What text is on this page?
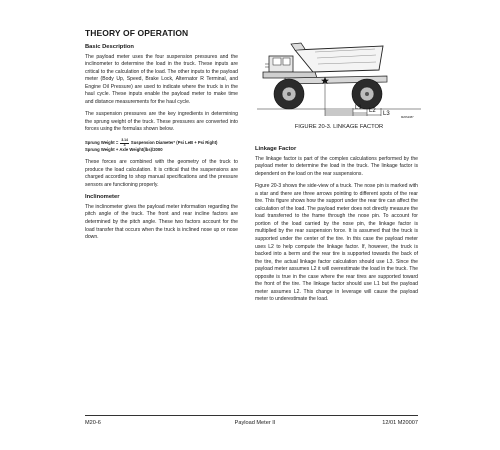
THEORY OF OPERATION
Basic Description

The payload meter uses the four suspension pressures and the inclinometer to determine the load in the truck. These inputs are critical to the calculation of the load. The other inputs to the payload meter (Body Up, Speed, Brake Lock, Alternator R Terminal, and Engine Oil Pressure) are used to indicate where the truck is in the haul cycle. These inputs enable the payload meter to make time and distance measurements for the haul cycle.

The suspension pressures are the key ingredients in determining the sprung weight of the truck. These pressures are converted into forces using the formulas shown below.

Sprung Weight = $\frac{3.14}{4}$ Suspension Diameter² (Psi LeB + Psi Right)
Sprung Weight + Axle Weight(lbs)/2000

These forces are combined with the geometry of the truck to produce the load calculation. It is critical that the suspensions are charged according to shop manual specifications and the pressure sensors are functioning properly.

Inclinometer

The inclinometer gives the payload meter information regarding the pitch angle of the truck. The front and rear incline factors are determined by the pitch angle. These two factors account for the load transfer that occurs when the truck is inclined nose up or nose down.

L1 L2 L3
M20S2087
FIGURE 20-3. LINKAGE FACTOR
Linkage Factor

The linkage factor is part of the complex calculations performed by the payload meter to determine the load in the truck. The linkage factor is dependent on the load on the rear suspensions.

Figure 20-3 shows the side-view of a truck. The nose pin is marked with a star and there are three arrows pointing to different spots of the rear tire. This figure shows how the support under the rear tire can affect the calculation of the load. The payload meter does not directly measure the load transferred to the frame through the nose pin. To account for portion of the load carried by the nose pin, the linkage factor is multiplied by the rear suspension force. It is assumed that the truck is supported under the center of the tire. In this case the payload meter uses L2 to help compute the linkage factor. If, however, the truck is backed into a berm and the rear tire is supported towards the back of the tire, the actual linkage factor calculation should use L3. Since the payload meter assumes L2 it will overestimate the load in the truck. The opposite is true in the case where the rear tires are supported toward the front of the tire. The linkage factor should use L1 but the payload meter assumes L2. This change in leverage will cause the payload meter to underestimate the load.

M20-6	Payload Meter II	12/01 M20007
